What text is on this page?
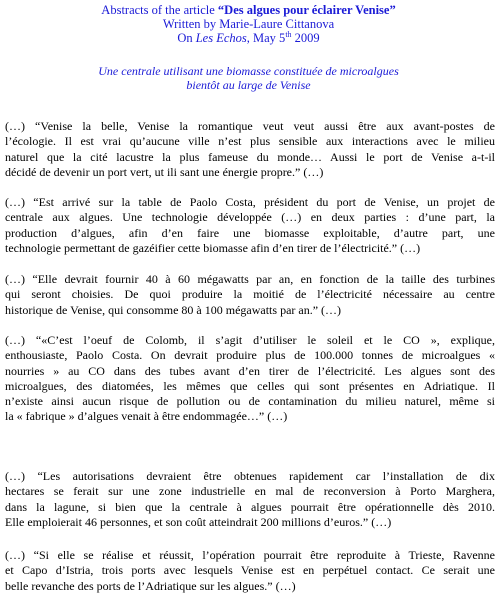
Abstracts of the article “Des algues pour éclairer Venise”
Written by Marie-Laure Cittanova
On Les Echos, May 5th 2009
Une centrale utilisant une biomasse constituée de microalgues
bientôt au large de Venise
(…) “Venise la belle, Venise la romantique veut veut aussi être aux avant-postes de
l’écologie. Il est vrai qu’aucune ville n’est plus sensible aux interactions avec le milieu
naturel que la cité lacustre la plus fameuse du monde… Aussi le port de Venise a-t-il
décidé de devenir un port vert, ut ili sant une énergie propre.” (…)
(…) “Est arrivé sur la table de Paolo Costa, président du port de Venise, un projet de
centrale aux algues. Une technologie développée (…) en deux parties : d’une part, la
production d’algues, afin d’en faire une biomasse exploitable, d’autre part, une
technologie permettant de gazéifier cette biomasse afin d’en tirer de l’électricité.” (…)
(…) “Elle devrait fournir 40 à 60 mégawatts par an, en fonction de la taille des turbines
qui seront choisies. De quoi produire la moitié de l’électricité nécessaire au centre
historique de Venise, qui consomme 80 à 100 mégawatts par an.” (…)
(…) “«C’est l’oeuf de Colomb, il s’agit d’utiliser le soleil et le CO », explique,
enthousiaste, Paolo Costa. On devrait produire plus de 100.000 tonnes de microalgues «
nourries » au CO dans des tubes avant d’en tirer de l’électricité. Les algues sont des
microalgues, des diatomées, les mêmes que celles qui sont présentes en Adriatique. Il
n’existe ainsi aucun risque de pollution ou de contamination du milieu naturel, même si
la « fabrique » d’algues venait à être endommagée…” (…)
(…) “Les autorisations devraient être obtenues rapidement car l’installation de dix
hectares se ferait sur une zone industrielle en mal de reconversion à Porto Marghera,
dans la lagune, si bien que la centrale à algues pourrait être opérationnelle dès 2010.
Elle emploierait 46 personnes, et son coût atteindrait 200 millions d’euros.” (…)
(…) “Si elle se réalise et réussit, l’opération pourrait être reproduite à Trieste, Ravenne
et Capo d’Istria, trois ports avec lesquels Venise est en perpétuel contact. Ce serait une
belle revanche des ports de l’Adriatique sur les algues.” (…)
